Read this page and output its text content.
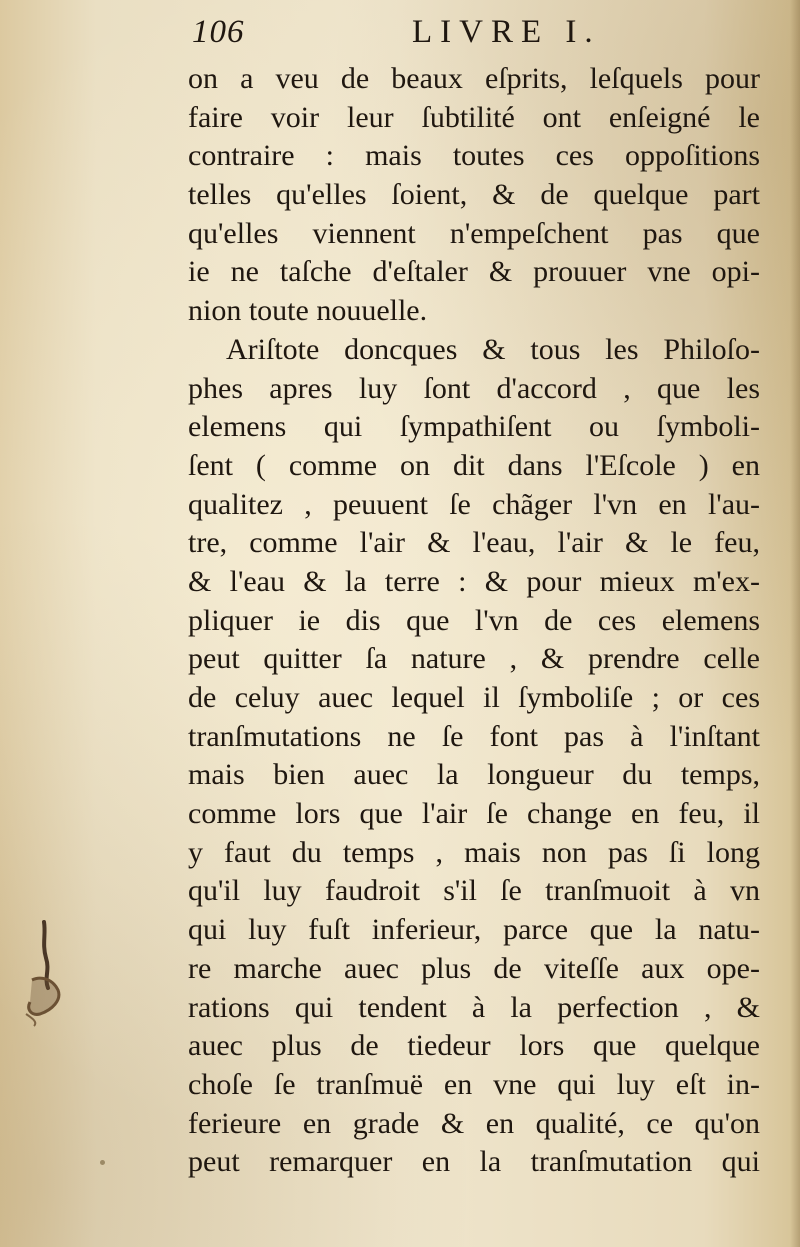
106	LIVRE I.
on a veu de beaux eſprits, leſquels pour
faire voir leur ſubtilité ont enſeigné le
contraire : mais toutes ces oppoſitions
telles qu'elles ſoient, & de quelque part
qu'elles viennent n'empeſchent pas que
ie ne taſche d'eſtaler & prouuer vne opi-
nion toute nouuelle.
Ariſtote doncques & tous les Philoſo-
phes apres luy ſont d'accord , que les
elemens qui ſympathiſent ou ſymboli-
ſent ( comme on dit dans l'Eſcole ) en
qualitez , peuuent ſe chãger l'vn en l'au-
tre, comme l'air & l'eau, l'air & le feu,
& l'eau & la terre : & pour mieux m'ex-
pliquer ie dis que l'vn de ces elemens
peut quitter ſa nature , & prendre celle
de celuy auec lequel il ſymboliſe ; or ces
tranſmutations ne ſe font pas à l'inſtant
mais bien auec la longueur du temps,
comme lors que l'air ſe change en feu, il
y faut du temps , mais non pas ſi long
qu'il luy faudroit s'il ſe tranſmuoit à vn
qui luy fuſt inferieur, parce que la natu-
re marche auec plus de viteſſe aux ope-
rations qui tendent à la perfection , &
auec plus de tiedeur lors que quelque
choſe ſe tranſmuë en vne qui luy eſt in-
ferieure en grade & en qualité, ce qu'on
peut remarquer en la tranſmutation qui
